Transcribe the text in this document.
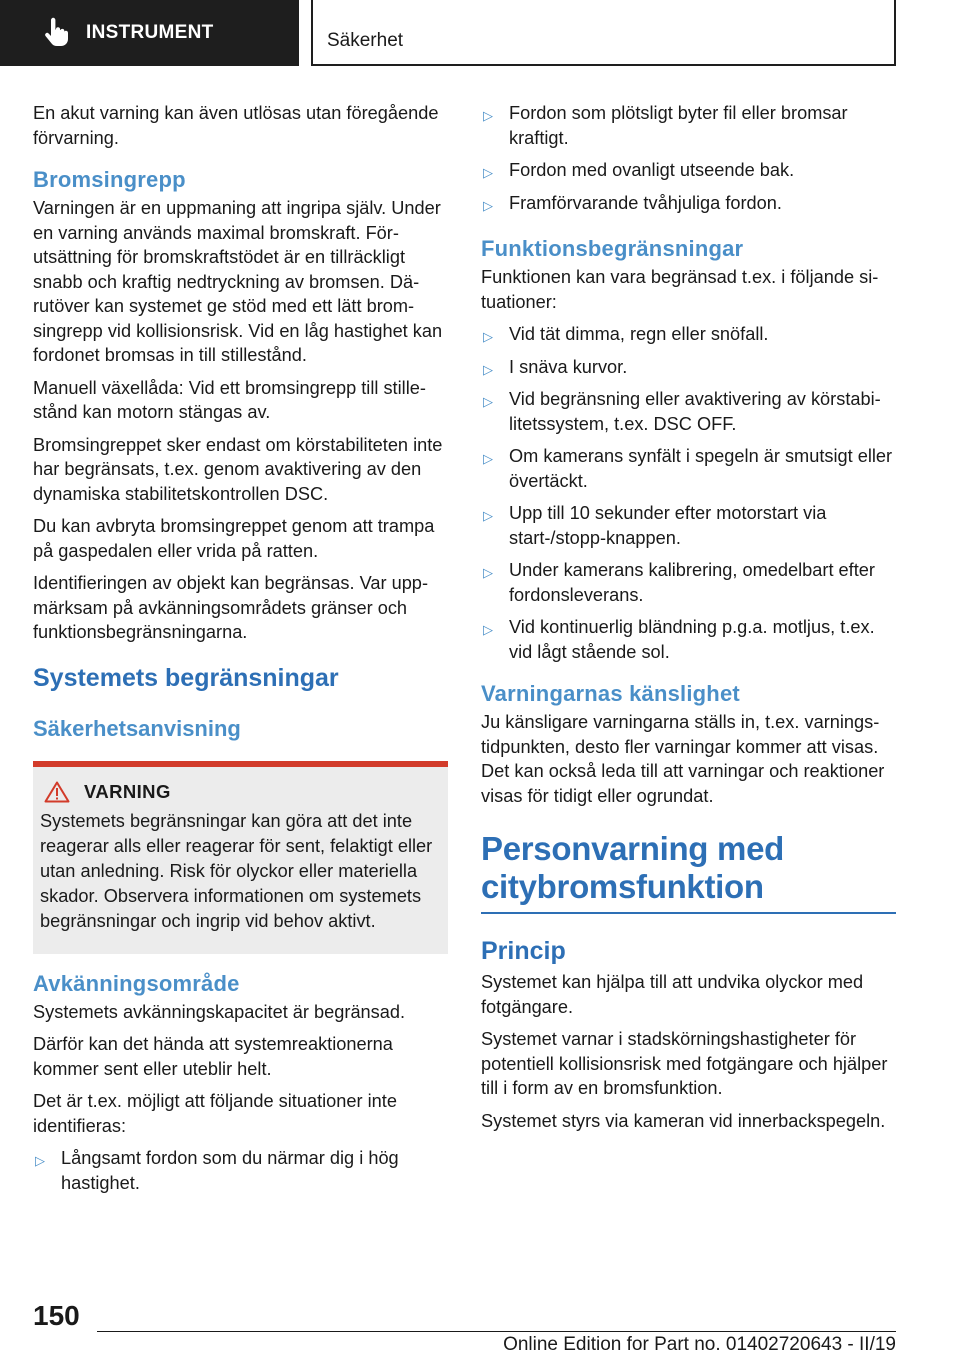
INSTRUMENT	Säkerhet

En akut varning kan även utlösas utan föregående förvarning.

Bromsingrepp

Varningen är en uppmaning att ingripa själv. Under en varning används maximal bromskraft. Förutsättning för bromskraftstödet är en tillräckligt snabb och kraftig nedtryckning av bromsen. Därutöver kan systemet ge stöd med ett lätt bromsingrepp vid kollisionsrisk. Vid en låg hastighet kan fordonet bromsas in till stillestånd.

Manuell växellåda: Vid ett bromsingrepp till stillestånd kan motorn stängas av.

Bromsingreppet sker endast om körstabiliteten inte har begränsats, t.ex. genom avaktivering av den dynamiska stabilitetskontrollen DSC.

Du kan avbryta bromsingreppet genom att trampa på gaspedalen eller vrida på ratten.

Identifieringen av objekt kan begränsas. Var uppmärksam på avkänningsområdets gränser och funktionsbegränsningarna.

Systemets begränsningar
Säkerhetsanvisning
VARNING

Systemets begränsningar kan göra att det inte reagerar alls eller reagerar för sent, felaktigt eller utan anledning. Risk för olyckor eller materiella skador. Observera informationen om systemets begränsningar och ingrip vid behov aktivt.

Avkänningsområde

Systemets avkänningskapacitet är begränsad.

Därför kan det hända att systemreaktionerna kommer sent eller uteblir helt.

Det är t.ex. möjligt att följande situationer inte identifieras:

▷ Långsamt fordon som du närmar dig i hög hastighet.
▷ Fordon som plötsligt byter fil eller bromsar kraftigt.
▷ Fordon med ovanligt utseende bak.
▷ Framförvarande tvåhjuliga fordon.
Funktionsbegränsningar

Funktionen kan vara begränsad t.ex. i följande situationer:

▷ Vid tät dimma, regn eller snöfall.
▷ I snäva kurvor.
▷ Vid begränsning eller avaktivering av körstabilitetssystem, t.ex. DSC OFF.
▷ Om kamerans synfält i spegeln är smutsigt eller övertäckt.
▷ Upp till 10 sekunder efter motorstart via start-/stopp-knappen.
▷ Under kamerans kalibrering, omedelbart efter fordonsleverans.
▷ Vid kontinuerlig bländning p.g.a. motljus, t.ex. vid lågt stående sol.
Varningarnas känslighet

Ju känsligare varningarna ställs in, t.ex. varningstidpunkten, desto fler varningar kommer att visas. Det kan också leda till att varningar och reaktioner visas för tidigt eller ogrundat.

Personvarning med citybromsfunktion
Princip

Systemet kan hjälpa till att undvika olyckor med fotgängare.

Systemet varnar i stadskörningshastigheter för potentiell kollisionsrisk med fotgängare och hjälper till i form av en bromsfunktion.

Systemet styrs via kameran vid innerbackspegeln.

150
Online Edition for Part no. 01402720643 - II/19
